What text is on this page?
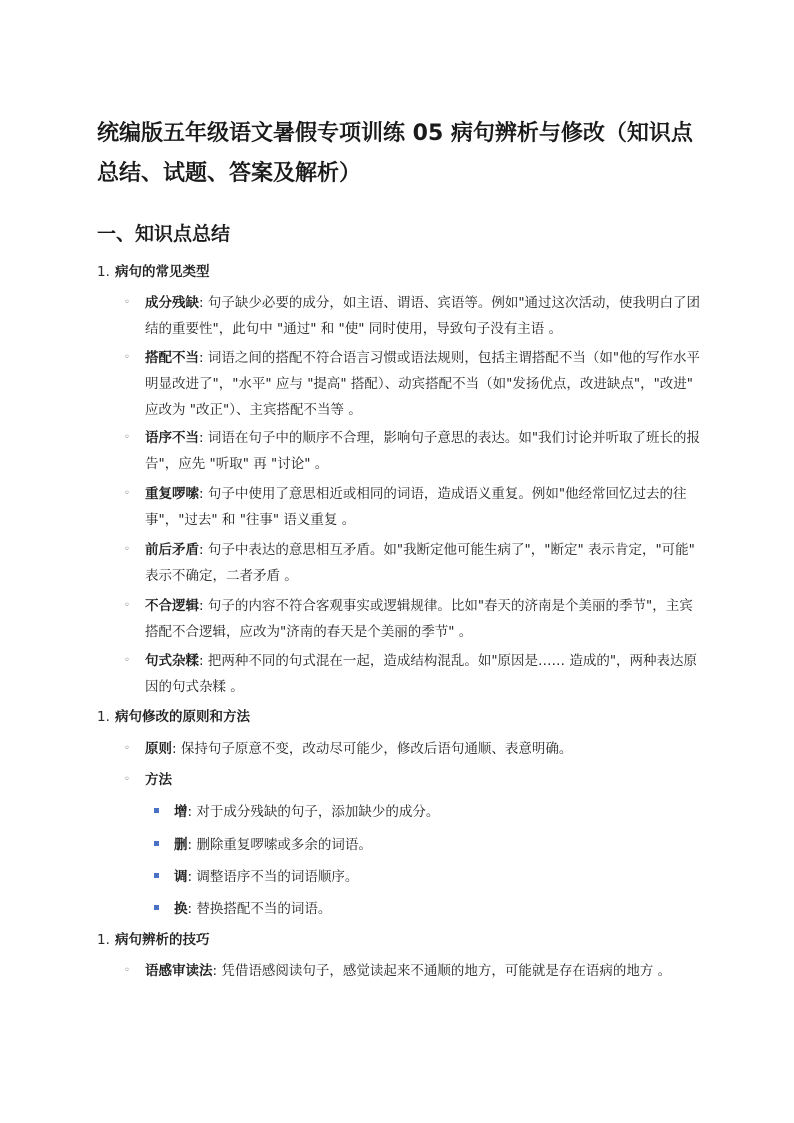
统编版五年级语文暑假专项训练 05 病句辨析与修改（知识点总结、试题、答案及解析）
一、知识点总结
1. 病句的常见类型
◦	成分残缺: 句子缺少必要的成分，如主语、谓语、宾语等。例如"通过这次活动，使我明白了团结的重要性"，此句中 "通过" 和 "使" 同时使用，导致句子没有主语 。
◦	搭配不当: 词语之间的搭配不符合语言习惯或语法规则，包括主谓搭配不当（如"他的写作水平明显改进了"，"水平" 应与 "提高" 搭配）、动宾搭配不当（如"发扬优点，改进缺点"，"改进" 应改为 "改正"）、主宾搭配不当等 。
◦	语序不当: 词语在句子中的顺序不合理，影响句子意思的表达。如"我们讨论并听取了班长的报告"，应先 "听取" 再 "讨论" 。
◦	重复啰嗦: 句子中使用了意思相近或相同的词语，造成语义重复。例如"他经常回忆过去的往事"，"过去" 和 "往事" 语义重复 。
◦	前后矛盾: 句子中表达的意思相互矛盾。如"我断定他可能生病了"，"断定" 表示肯定，"可能" 表示不确定，二者矛盾 。
◦	不合逻辑: 句子的内容不符合客观事实或逻辑规律。比如"春天的济南是个美丽的季节"，主宾搭配不合逻辑，应改为"济南的春天是个美丽的季节" 。
◦	句式杂糅: 把两种不同的句式混在一起，造成结构混乱。如"原因是…… 造成的"，两种表达原因的句式杂糅 。
1. 病句修改的原则和方法
◦	原则: 保持句子原意不变，改动尽可能少，修改后语句通顺、表意明确。
◦	方法
增: 对于成分残缺的句子，添加缺少的成分。
删: 删除重复啰嗦或多余的词语。
调: 调整语序不当的词语顺序。
换: 替换搭配不当的词语。
1. 病句辨析的技巧
◦	语感审读法: 凭借语感阅读句子，感觉读起来不通顺的地方，可能就是存在语病的地方 。
